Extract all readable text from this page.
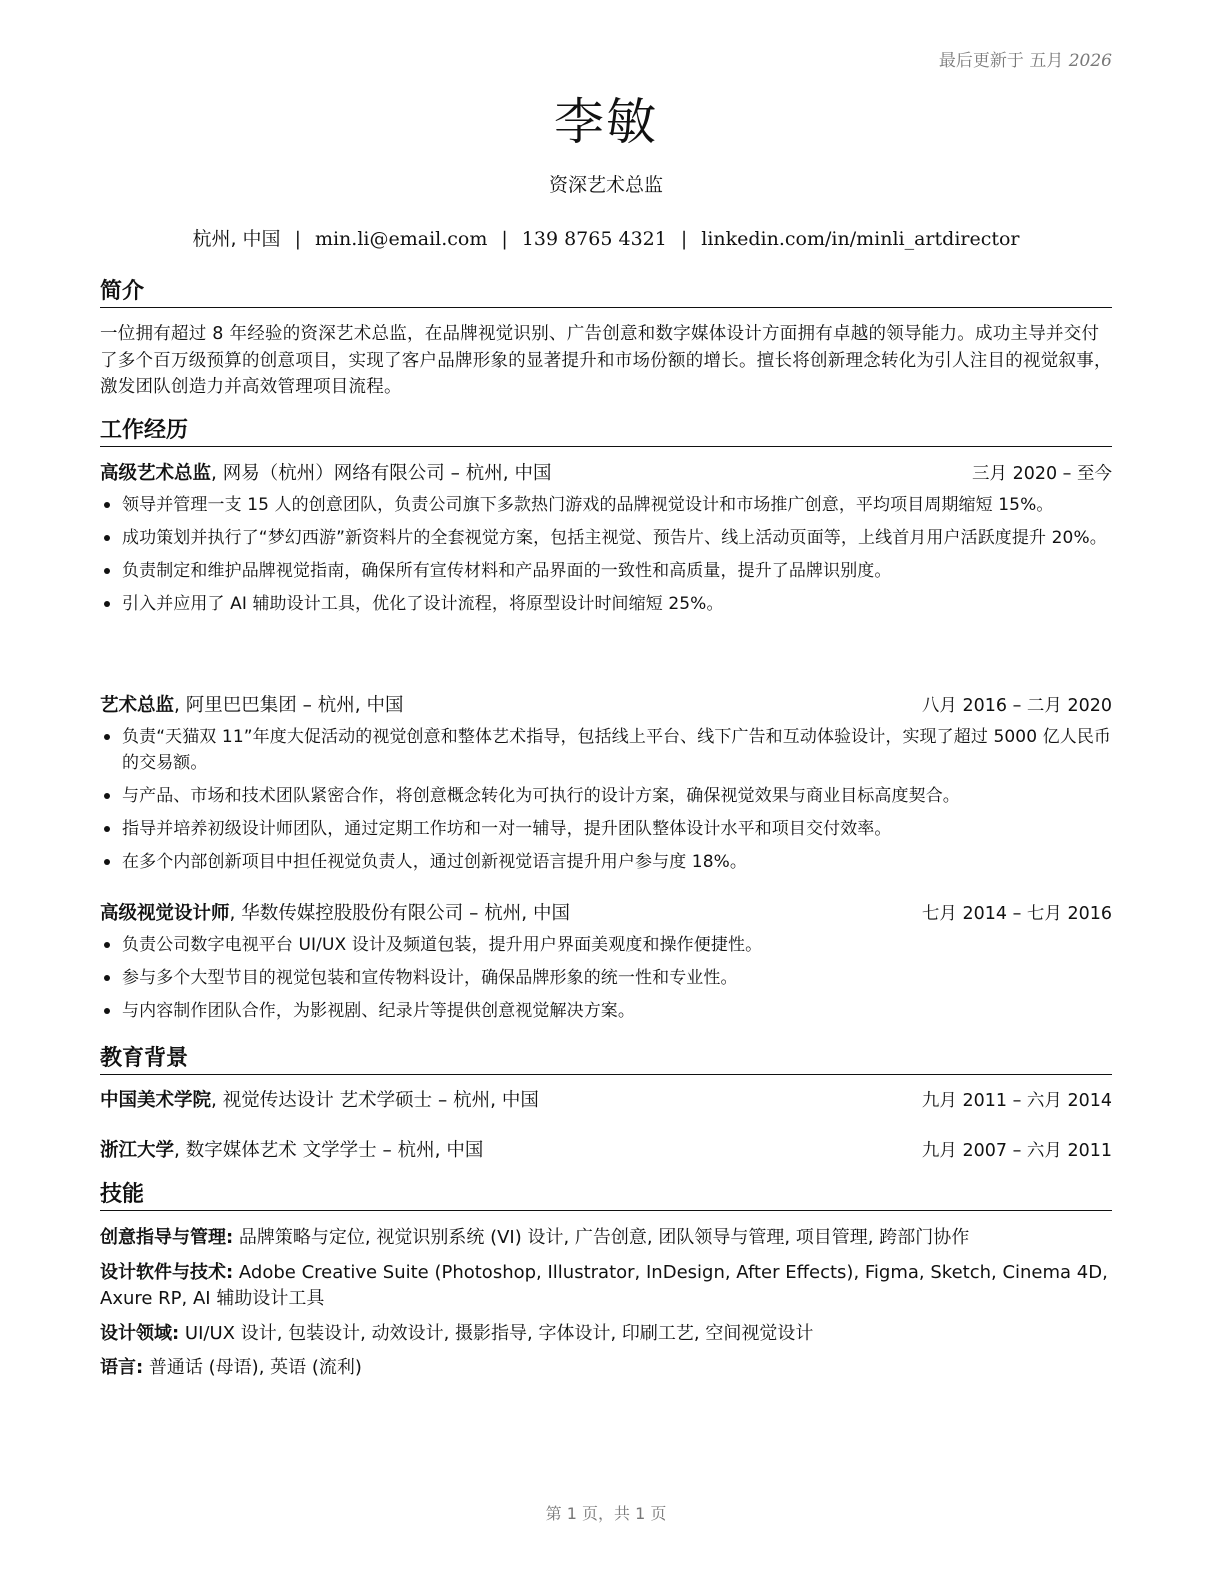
最后更新于 五月 2026
李敏
资深艺术总监
杭州, 中国 | min.li@email.com | 139 8765 4321 | linkedin.com/in/minli_artdirector
简介
一位拥有超过 8 年经验的资深艺术总监，在品牌视觉识别、广告创意和数字媒体设计方面拥有卓越的领导能力。成功主导并交付了多个百万级预算的创意项目，实现了客户品牌形象的显著提升和市场份额的增长。擅长将创新理念转化为引人注目的视觉叙事，激发团队创造力并高效管理项目流程。
工作经历
高级艺术总监, 网易（杭州）网络有限公司 – 杭州, 中国	三月 2020 – 至今
领导并管理一支 15 人的创意团队，负责公司旗下多款热门游戏的品牌视觉设计和市场推广创意，平均项目周期缩短 15%。
成功策划并执行了“梦幻西游”新资料片的全套视觉方案，包括主视觉、预告片、线上活动页面等，上线首月用户活跃度提升 20%。
负责制定和维护品牌视觉指南，确保所有宣传材料和产品界面的一致性和高质量，提升了品牌识别度。
引入并应用了 AI 辅助设计工具，优化了设计流程，将原型设计时间缩短 25%。
艺术总监, 阿里巴巴集团 – 杭州, 中国	八月 2016 – 二月 2020
负责“天猫双 11”年度大促活动的视觉创意和整体艺术指导，包括线上平台、线下广告和互动体验设计，实现了超过 5000 亿人民币的交易额。
与产品、市场和技术团队紧密合作，将创意概念转化为可执行的设计方案，确保视觉效果与商业目标高度契合。
指导并培养初级设计师团队，通过定期工作坊和一对一辅导，提升团队整体设计水平和项目交付效率。
在多个内部创新项目中担任视觉负责人，通过创新视觉语言提升用户参与度 18%。
高级视觉设计师, 华数传媒控股股份有限公司 – 杭州, 中国	七月 2014 – 七月 2016
负责公司数字电视平台 UI/UX 设计及频道包装，提升用户界面美观度和操作便捷性。
参与多个大型节目的视觉包装和宣传物料设计，确保品牌形象的统一性和专业性。
与内容制作团队合作，为影视剧、纪录片等提供创意视觉解决方案。
教育背景
中国美术学院, 视觉传达设计 艺术学硕士 – 杭州, 中国	九月 2011 – 六月 2014
浙江大学, 数字媒体艺术 文学学士 – 杭州, 中国	九月 2007 – 六月 2011
技能
创意指导与管理: 品牌策略与定位, 视觉识别系统 (VI) 设计, 广告创意, 团队领导与管理, 项目管理, 跨部门协作
设计软件与技术: Adobe Creative Suite (Photoshop, Illustrator, InDesign, After Effects), Figma, Sketch, Cinema 4D, Axure RP, AI 辅助设计工具
设计领域: UI/UX 设计, 包装设计, 动效设计, 摄影指导, 字体设计, 印刷工艺, 空间视觉设计
语言: 普通话 (母语), 英语 (流利)
第 1 页，共 1 页
